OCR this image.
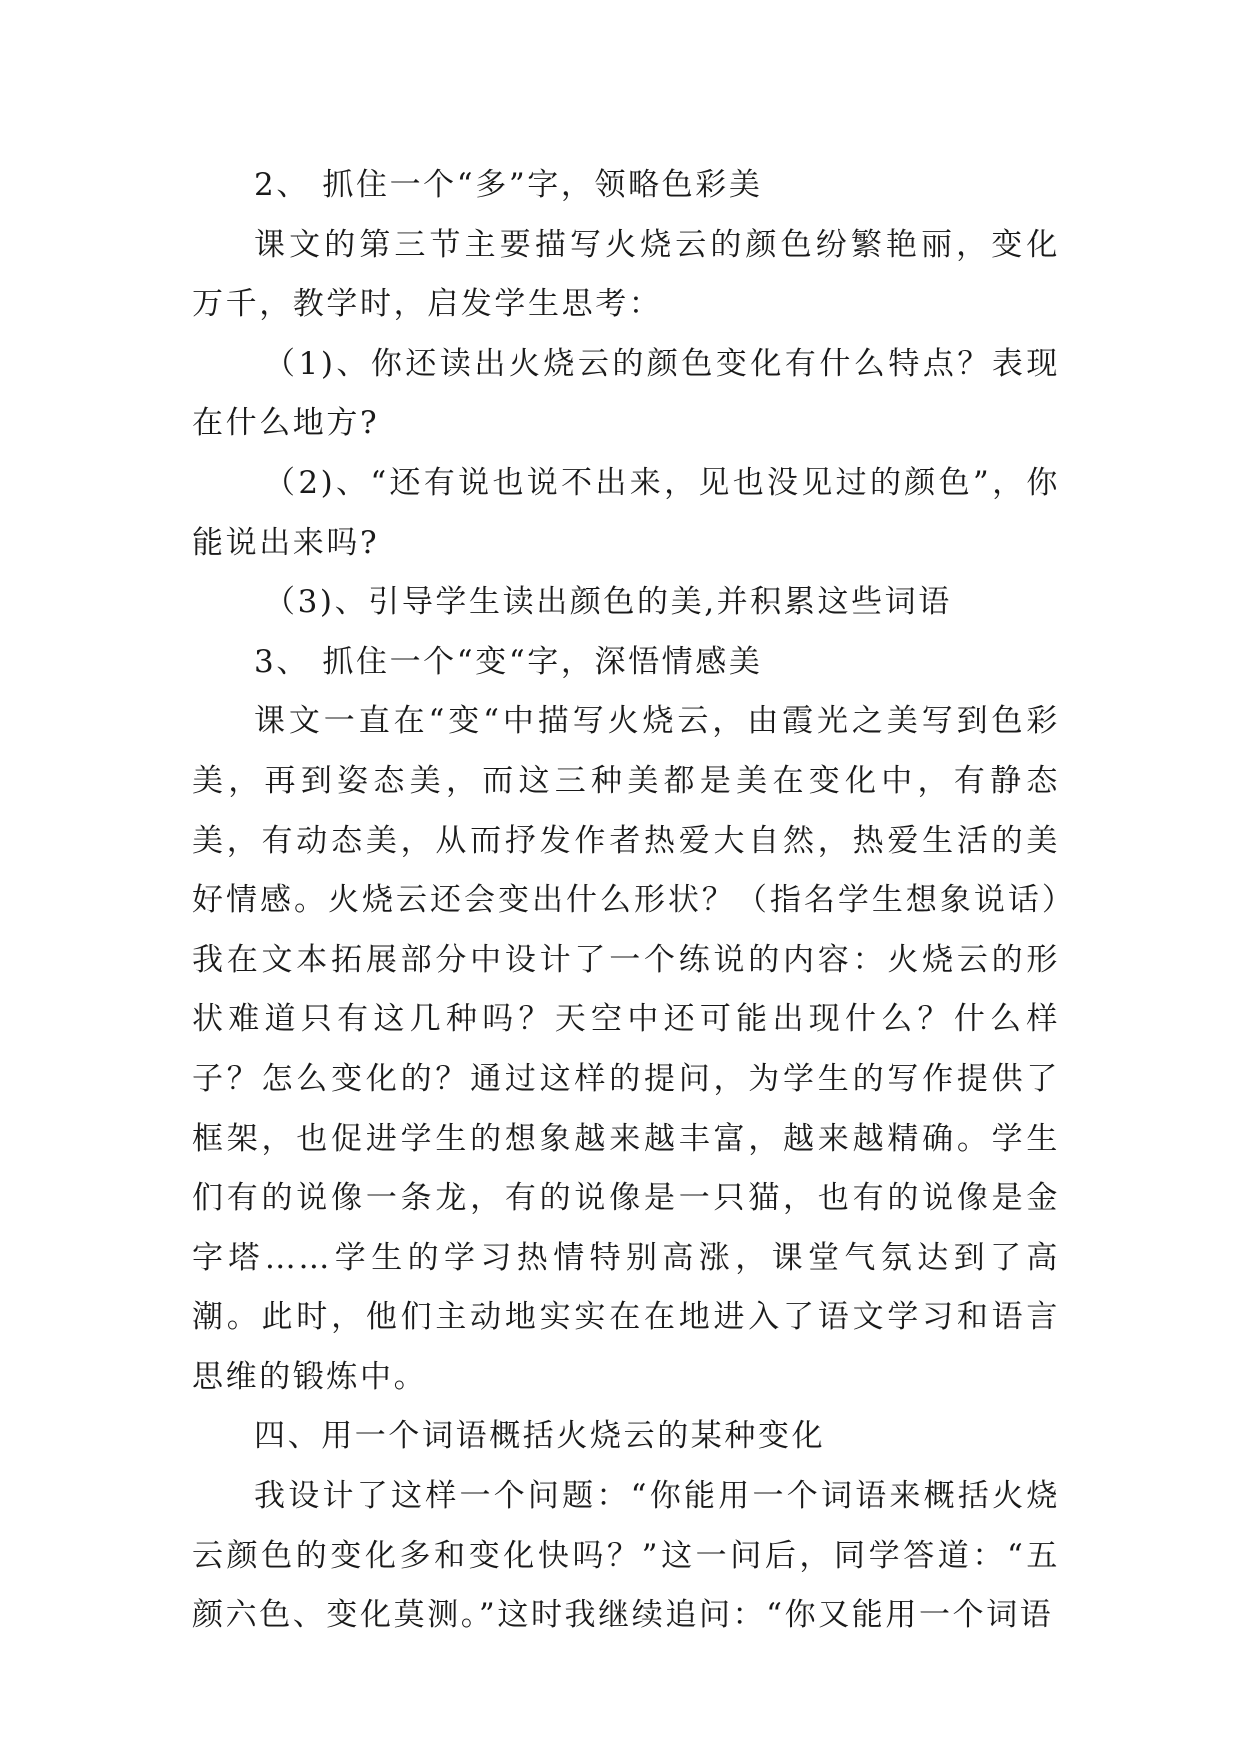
2、 抓住一个“多”字，领略色彩美

课文的第三节主要描写火烧云的颜色纷繁艳丽，变化万千，教学时，启发学生思考：

（1)、你还读出火烧云的颜色变化有什么特点？表现在什么地方?

（2)、“还有说也说不出来，见也没见过的颜色”，你能说出来吗?

（3)、引导学生读出颜色的美,并积累这些词语

3、 抓住一个“变“字，深悟情感美

课文一直在“变“中描写火烧云，由霞光之美写到色彩美，再到姿态美，而这三种美都是美在变化中，有静态美，有动态美，从而抒发作者热爱大自然，热爱生活的美好情感。火烧云还会变出什么形状？（指名学生想象说话）我在文本拓展部分中设计了一个练说的内容：火烧云的形状难道只有这几种吗？天空中还可能出现什么？什么样子？怎么变化的？通过这样的提问，为学生的写作提供了框架，也促进学生的想象越来越丰富，越来越精确。学生们有的说像一条龙，有的说像是一只猫，也有的说像是金字塔……学生的学习热情特别高涨，课堂气氛达到了高潮。此时，他们主动地实实在在地进入了语文学习和语言思维的锻炼中。

四、用一个词语概括火烧云的某种变化

我设计了这样一个问题：“你能用一个词语来概括火烧云颜色的变化多和变化快吗？”这一问后，同学答道：“五颜六色、变化莫测。”这时我继续追问：“你又能用一个词语
